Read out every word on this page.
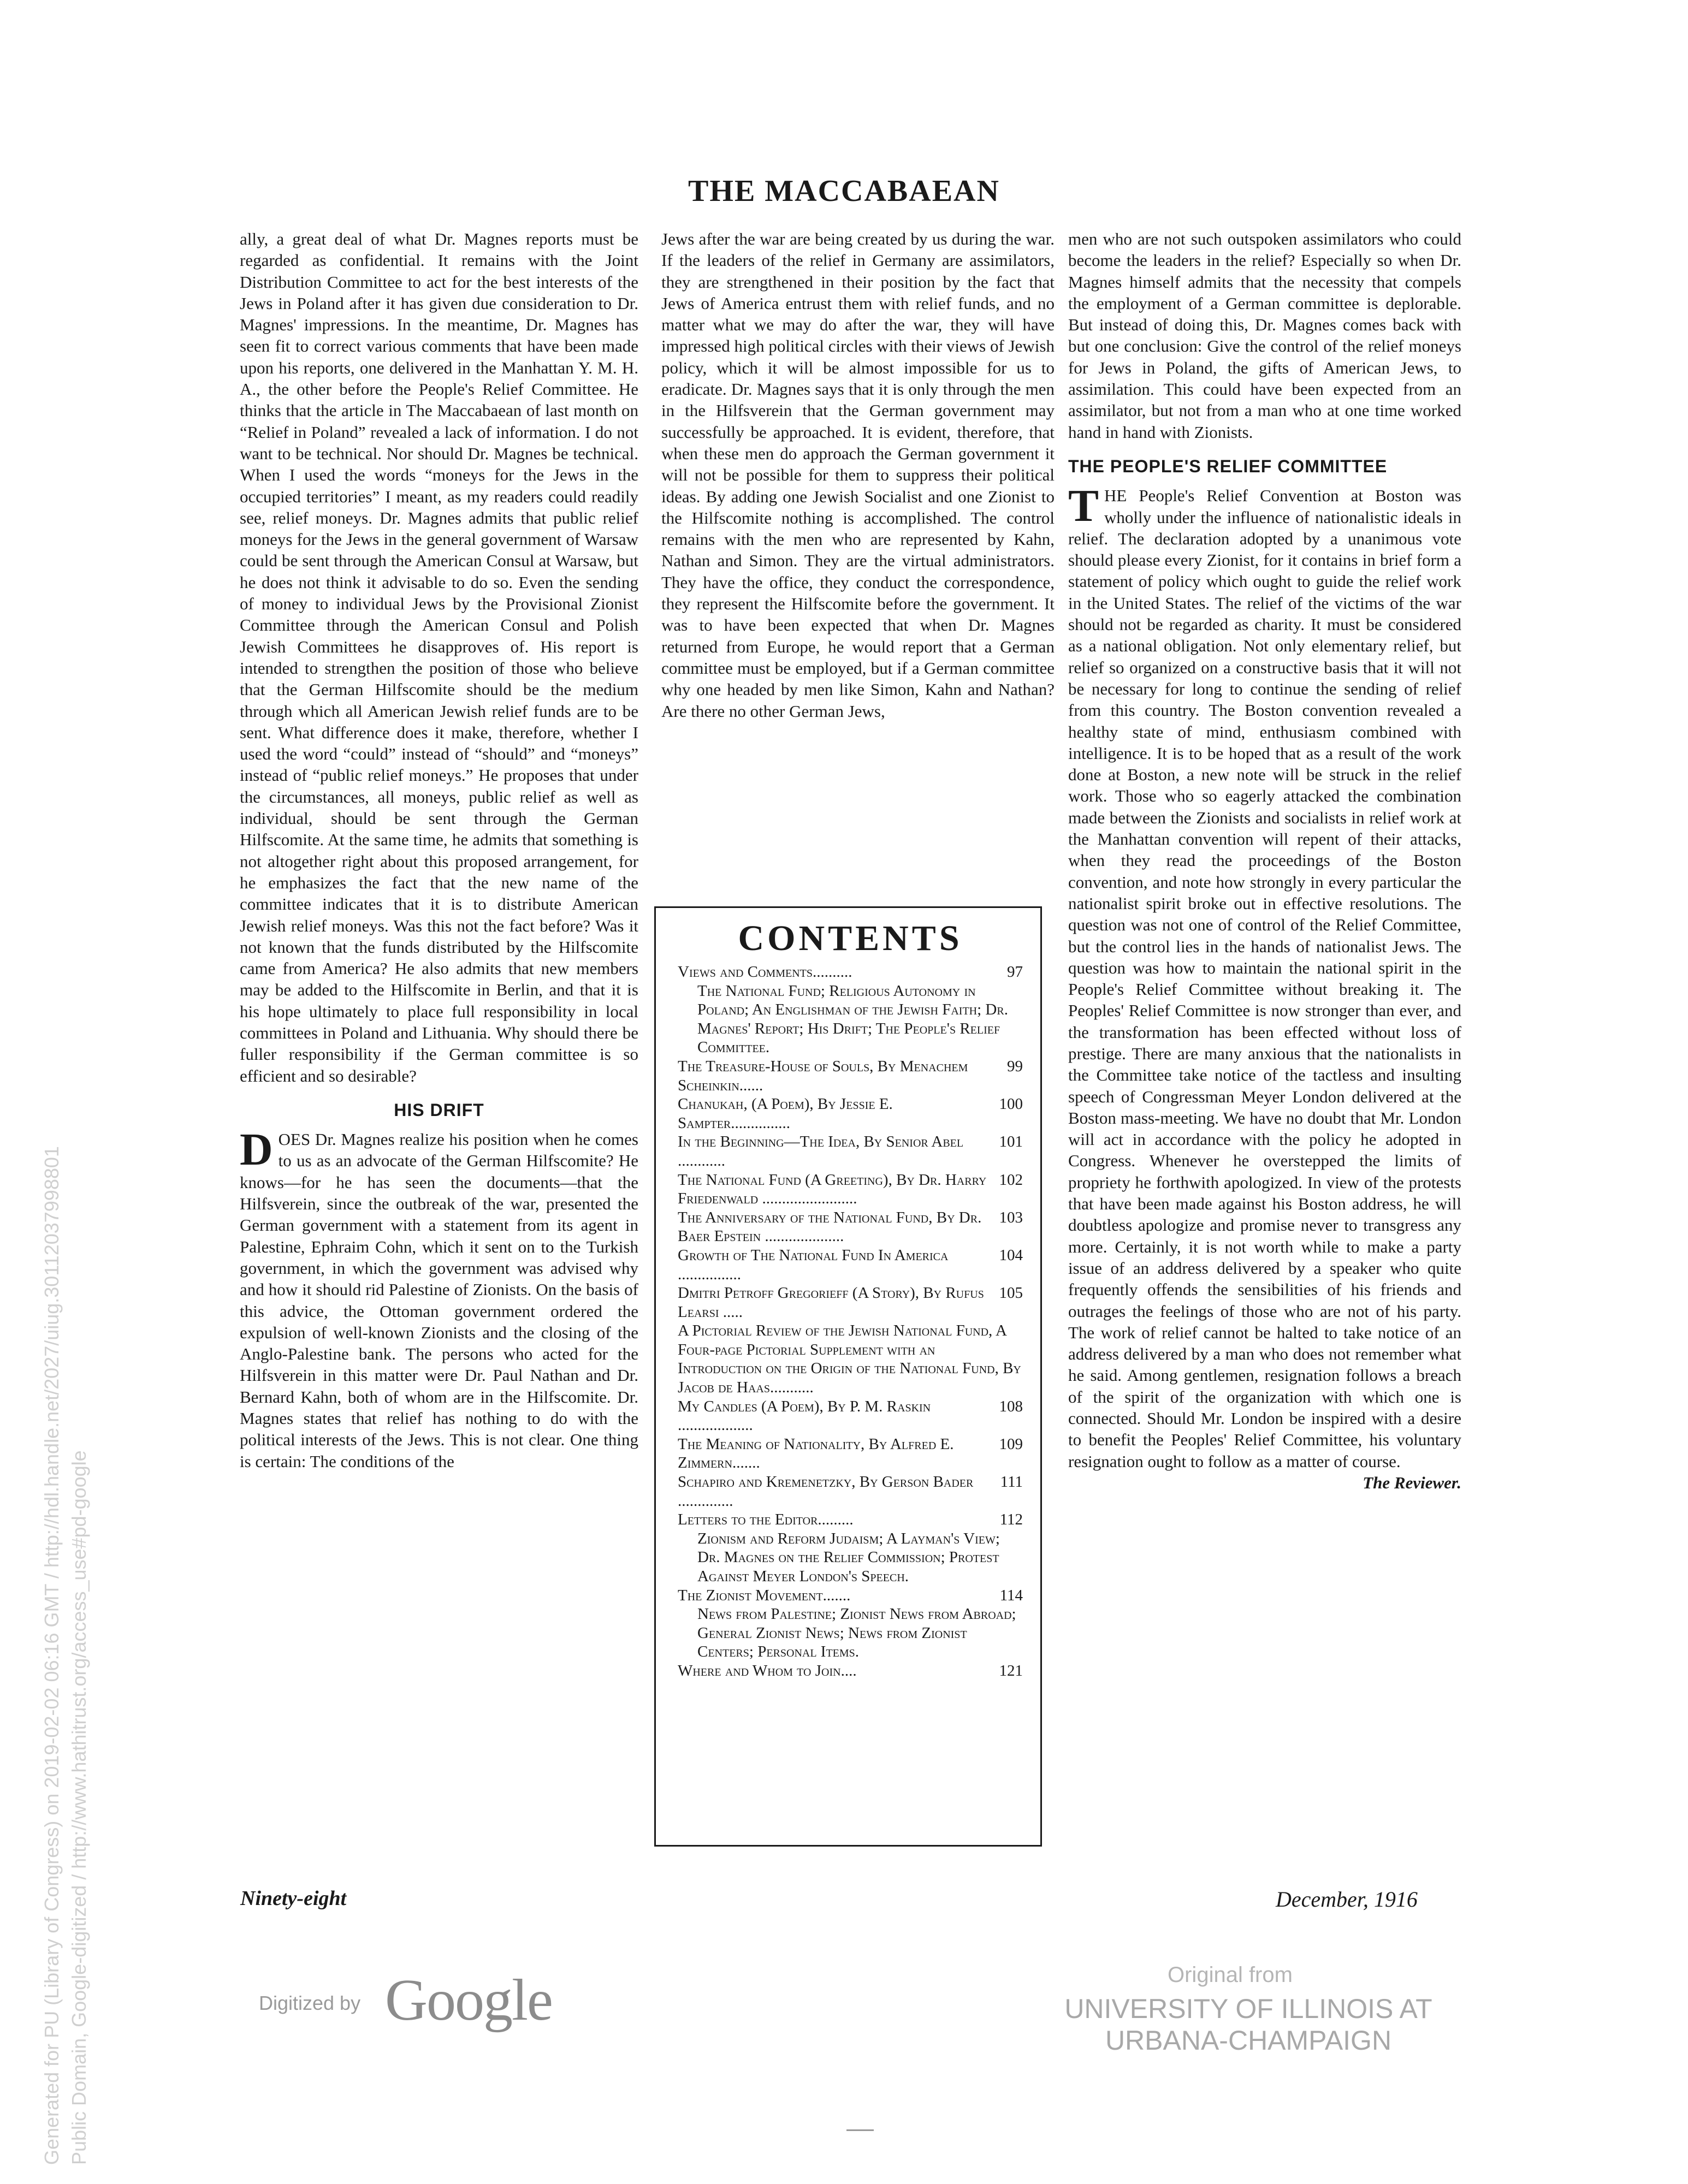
THE MACCABAEAN

ally, a great deal of what Dr. Magnes reports must be regarded as confidential. It remains with the Joint Distribution Committee to act for the best interests of the Jews in Poland after it has given due consideration to Dr. Magnes' impressions. In the meantime, Dr. Magnes has seen fit to correct various comments that have been made upon his reports, one delivered in the Manhattan Y. M. H. A., the other before the People's Relief Committee. He thinks that the article in The Maccabaean of last month on “Relief in Poland” revealed a lack of information. I do not want to be technical. Nor should Dr. Magnes be technical. When I used the words “moneys for the Jews in the occupied territories” I meant, as my readers could readily see, relief moneys. Dr. Magnes admits that public relief moneys for the Jews in the general government of Warsaw could be sent through the American Consul at Warsaw, but he does not think it advisable to do so. Even the sending of money to individual Jews by the Provisional Zionist Committee through the American Consul and Polish Jewish Committees he disapproves of. His report is intended to strengthen the position of those who believe that the German Hilfscomite should be the medium through which all American Jewish relief funds are to be sent. What difference does it make, therefore, whether I used the word “could” instead of “should” and “moneys” instead of “public relief moneys.” He proposes that under the circumstances, all moneys, public relief as well as individual, should be sent through the German Hilfscomite. At the same time, he admits that something is not altogether right about this proposed arrangement, for he emphasizes the fact that the new name of the committee indicates that it is to distribute American Jewish relief moneys. Was this not the fact before? Was it not known that the funds distributed by the Hilfscomite came from America? He also admits that new members may be added to the Hilfscomite in Berlin, and that it is his hope ultimately to place full responsibility in local committees in Poland and Lithuania. Why should there be fuller responsibility if the German committee is so efficient and so desirable?

HIS DRIFT

DOES Dr. Magnes realize his position when he comes to us as an advocate of the German Hilfscomite? He knows—for he has seen the documents—that the Hilfsverein, since the outbreak of the war, presented the German government with a statement from its agent in Palestine, Ephraim Cohn, which it sent on to the Turkish government, in which the government was advised why and how it should rid Palestine of Zionists. On the basis of this advice, the Ottoman government ordered the expulsion of well-known Zionists and the closing of the Anglo-Palestine bank. The persons who acted for the Hilfsverein in this matter were Dr. Paul Nathan and Dr. Bernard Kahn, both of whom are in the Hilfscomite. Dr. Magnes states that relief has nothing to do with the political interests of the Jews. This is not clear. One thing is certain: The conditions of the

Jews after the war are being created by us during the war. If the leaders of the relief in Germany are assimilators, they are strengthened in their position by the fact that Jews of America entrust them with relief funds, and no matter what we may do after the war, they will have impressed high political circles with their views of Jewish policy, which it will be almost impossible for us to eradicate. Dr. Magnes says that it is only through the men in the Hilfsverein that the German government may successfully be approached. It is evident, therefore, that when these men do approach the German government it will not be possible for them to suppress their political ideas. By adding one Jewish Socialist and one Zionist to the Hilfscomite nothing is accomplished. The control remains with the men who are represented by Kahn, Nathan and Simon. They are the virtual administrators. They have the office, they conduct the correspondence, they represent the Hilfscomite before the government. It was to have been expected that when Dr. Magnes returned from Europe, he would report that a German committee must be employed, but if a German committee why one headed by men like Simon, Kahn and Nathan? Are there no other German Jews,

CONTENTS

97
Views and Comments..........

The National Fund; Religious Autonomy in Poland; An Englishman of the Jewish Faith; Dr. Magnes' Report; His Drift; The People's Relief Committee.

99
The Treasure-House of Souls, By Menachem Scheinkin......

100
Chanukah, (A Poem), By Jessie E. Sampter...............

101
In the Beginning—The Idea, By Senior Abel ............

102
The National Fund (A Greeting), By Dr. Harry Friedenwald ........................

103
The Anniversary of the National Fund, By Dr. Baer Epstein ....................

104
Growth of The National Fund In America ................

105
Dmitri Petroff Gregorieff (A Story), By Rufus Learsi .....

A Pictorial Review of the Jewish National Fund, A Four-page Pictorial Supplement with an Introduction on the Origin of the National Fund, By Jacob de Haas...........

108
My Candles (A Poem), By P. M. Raskin ...................

109
The Meaning of Nationality, By Alfred E. Zimmern.......

111
Schapiro and Kremenetzky, By Gerson Bader ..............

112
Letters to the Editor.........

Zionism and Reform Judaism; A Layman's View; Dr. Magnes on the Relief Commission; Protest Against Meyer London's Speech.

114
The Zionist Movement.......

News from Palestine; Zionist News from Abroad; General Zionist News; News from Zionist Centers; Personal Items.

121
Where and Whom to Join....

men who are not such outspoken assimilators who could become the leaders in the relief? Especially so when Dr. Magnes himself admits that the necessity that compels the employment of a German committee is deplorable. But instead of doing this, Dr. Magnes comes back with but one conclusion: Give the control of the relief moneys for Jews in Poland, the gifts of American Jews, to assimilation. This could have been expected from an assimilator, but not from a man who at one time worked hand in hand with Zionists.

THE PEOPLE'S RELIEF COMMITTEE

THE People's Relief Convention at Boston was wholly under the influence of nationalistic ideals in relief. The declaration adopted by a unanimous vote should please every Zionist, for it contains in brief form a statement of policy which ought to guide the relief work in the United States. The relief of the victims of the war should not be regarded as charity. It must be considered as a national obligation. Not only elementary relief, but relief so organized on a constructive basis that it will not be necessary for long to continue the sending of relief from this country. The Boston convention revealed a healthy state of mind, enthusiasm combined with intelligence. It is to be hoped that as a result of the work done at Boston, a new note will be struck in the relief work. Those who so eagerly attacked the combination made between the Zionists and socialists in relief work at the Manhattan convention will repent of their attacks, when they read the proceedings of the Boston convention, and note how strongly in every particular the nationalist spirit broke out in effective resolutions. The question was not one of control of the Relief Committee, but the control lies in the hands of nationalist Jews. The question was how to maintain the national spirit in the People's Relief Committee without breaking it. The Peoples' Relief Committee is now stronger than ever, and the transformation has been effected without loss of prestige. There are many anxious that the nationalists in the Committee take notice of the tactless and insulting speech of Congressman Meyer London delivered at the Boston mass-meeting. We have no doubt that Mr. London will act in accordance with the policy he adopted in Congress. Whenever he overstepped the limits of propriety he forthwith apologized. In view of the protests that have been made against his Boston address, he will doubtless apologize and promise never to transgress any more. Certainly, it is not worth while to make a party issue of an address delivered by a speaker who quite frequently offends the sensibilities of his friends and outrages the feelings of those who are not of his party. The work of relief cannot be halted to take notice of an address delivered by a man who does not remember what he said. Among gentlemen, resignation follows a breach of the spirit of the organization with which one is connected. Should Mr. London be inspired with a desire to benefit the Peoples' Relief Committee, his voluntary resignation ought to follow as a matter of course.
The Reviewer.

Ninety-eight	December, 1916
Digitized by Google	Original from
UNIVERSITY OF ILLINOIS AT
URBANA-CHAMPAIGN
Generated for PU (Library of Congress) on 2019-02-02 06:16 GMT / http://hdl.handle.net/2027/uiug.30112037998801 Public Domain, Google-digitized / http://www.hathitrust.org/access_use#pd-google
